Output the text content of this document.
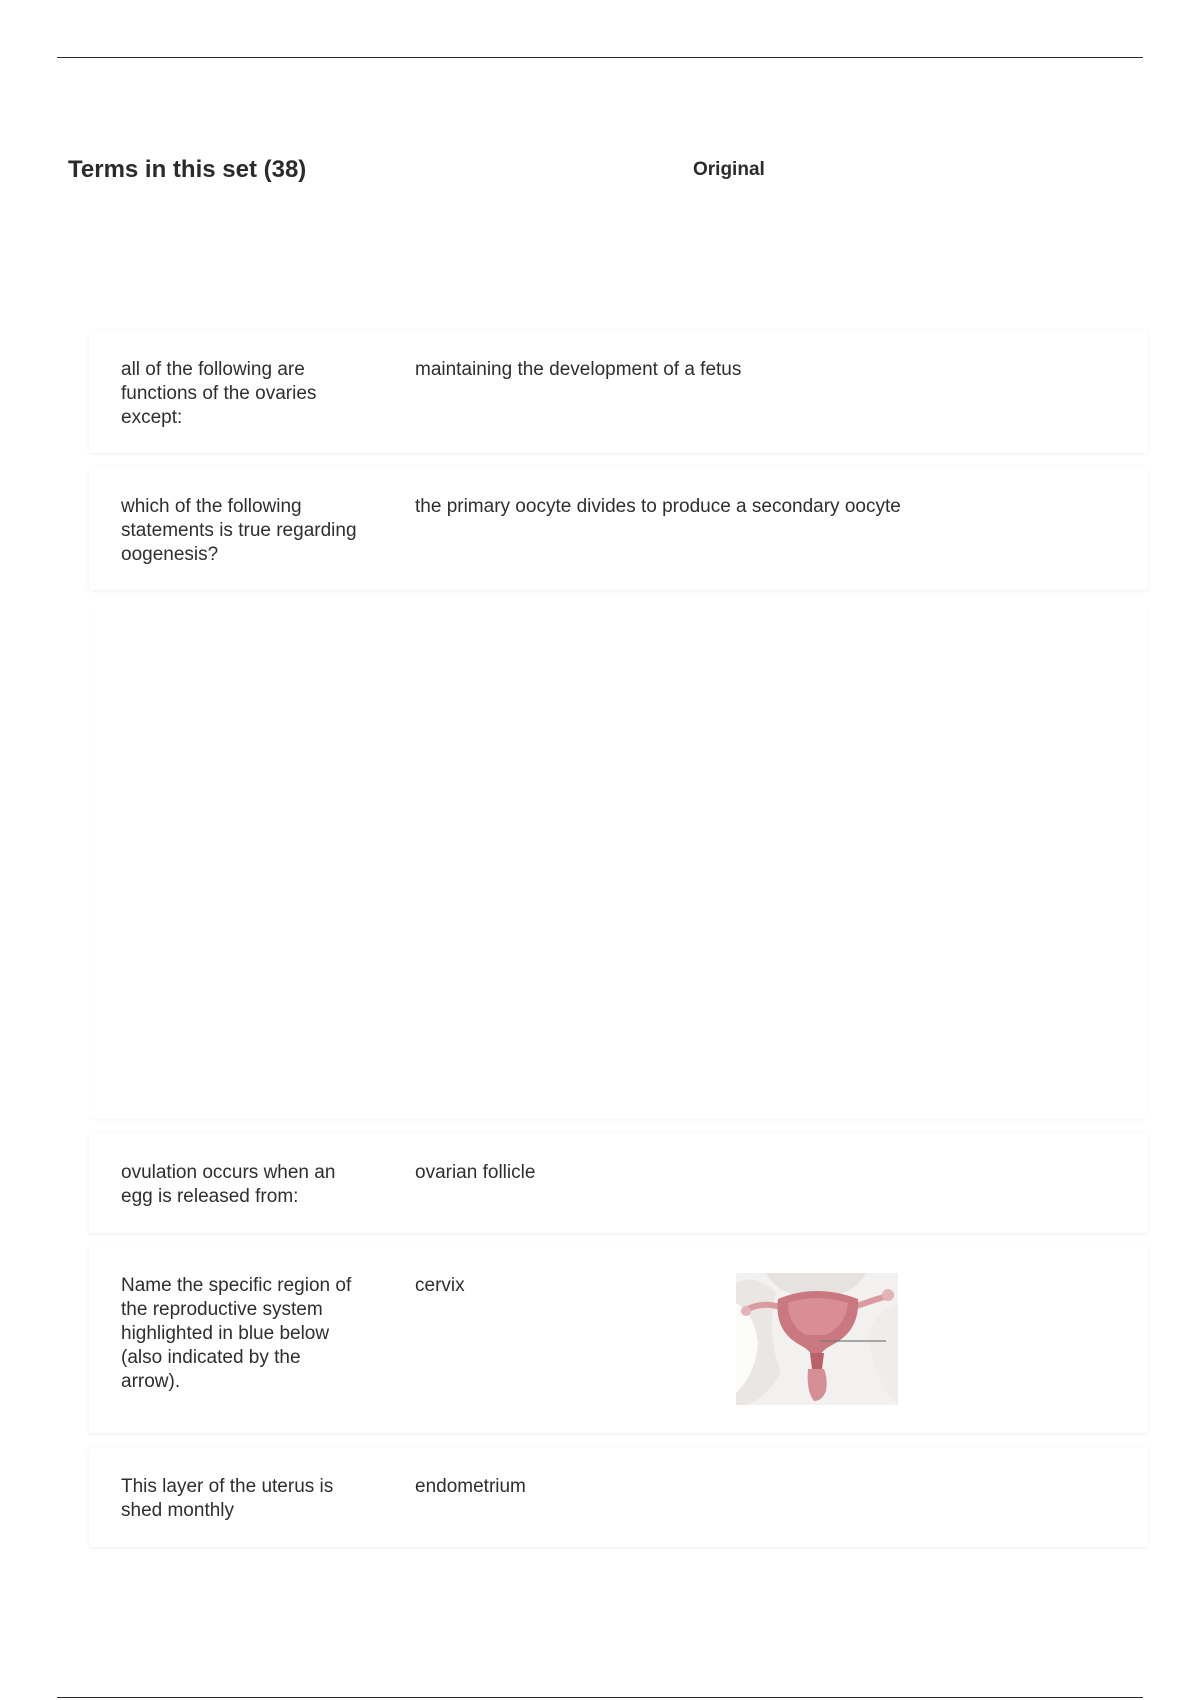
Terms in this set (38)	Original
all of the following are functions of the ovaries except:
maintaining the development of a fetus
which of the following statements is true regarding oogenesis?
the primary oocyte divides to produce a secondary oocyte
ovulation occurs when an egg is released from:
ovarian follicle
Name the specific region of the reproductive system highlighted in blue below (also indicated by the arrow).
cervix
This layer of the uterus is shed monthly
endometrium
